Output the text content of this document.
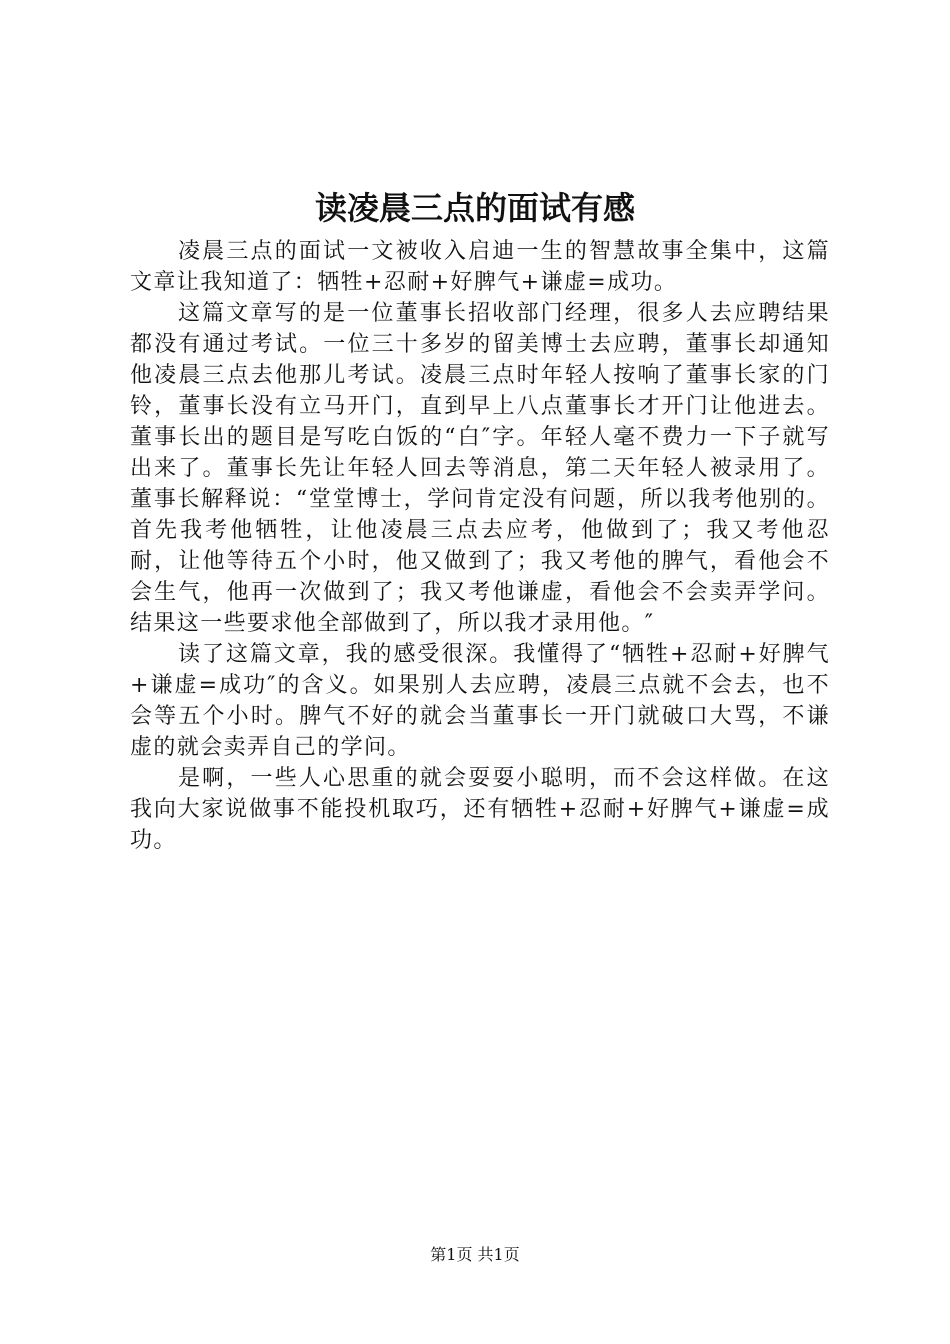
读凌晨三点的面试有感

凌晨三点的面试一文被收入启迪一生的智慧故事全集中，这篇文章让我知道了：牺牲+忍耐+好脾气+谦虚=成功。

这篇文章写的是一位董事长招收部门经理，很多人去应聘结果都没有通过考试。一位三十多岁的留美博士去应聘，董事长却通知他凌晨三点去他那儿考试。凌晨三点时年轻人按响了董事长家的门铃，董事长没有立马开门，直到早上八点董事长才开门让他进去。董事长出的题目是写吃白饭的“白″字。年轻人毫不费力一下子就写出来了。董事长先让年轻人回去等消息，第二天年轻人被录用了。董事长解释说：“堂堂博士，学问肯定没有问题，所以我考他别的。首先我考他牺牲，让他凌晨三点去应考，他做到了；我又考他忍耐，让他等待五个小时，他又做到了；我又考他的脾气，看他会不会生气，他再一次做到了；我又考他谦虚，看他会不会卖弄学问。结果这一些要求他全部做到了，所以我才录用他。″

读了这篇文章，我的感受很深。我懂得了“牺牲+忍耐+好脾气+谦虚=成功″的含义。如果别人去应聘，凌晨三点就不会去，也不会等五个小时。脾气不好的就会当董事长一开门就破口大骂，不谦虚的就会卖弄自己的学问。

是啊，一些人心思重的就会耍耍小聪明，而不会这样做。在这我向大家说做事不能投机取巧，还有牺牲+忍耐+好脾气+谦虚=成功。

第1页 共1页
